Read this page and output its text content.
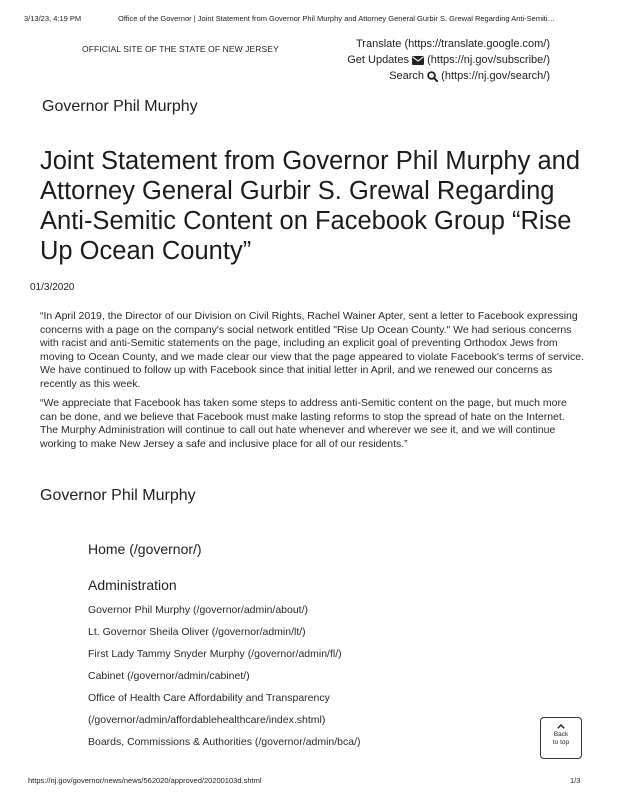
3/13/23, 4:19 PM	Office of the Governor | Joint Statement from Governor Phil Murphy and Attorney General Gurbir S. Grewal Regarding Anti-Semiti…
OFFICIAL SITE OF THE STATE OF NEW JERSEY	Translate (https://translate.google.com/)
Get Updates (https://nj.gov/subscribe/)
Search (https://nj.gov/search/)
Governor Phil Murphy
Joint Statement from Governor Phil Murphy and Attorney General Gurbir S. Grewal Regarding Anti-Semitic Content on Facebook Group “Rise Up Ocean County”
01/3/2020

“In April 2019, the Director of our Division on Civil Rights, Rachel Wainer Apter, sent a letter to Facebook expressing concerns with a page on the company's social network entitled "Rise Up Ocean County." We had serious concerns with racist and anti-Semitic statements on the page, including an explicit goal of preventing Orthodox Jews from moving to Ocean County, and we made clear our view that the page appeared to violate Facebook's terms of service. We have continued to follow up with Facebook since that initial letter in April, and we renewed our concerns as recently as this week.

“We appreciate that Facebook has taken some steps to address anti-Semitic content on the page, but much more can be done, and we believe that Facebook must make lasting reforms to stop the spread of hate on the Internet. The Murphy Administration will continue to call out hate whenever and wherever we see it, and we will continue working to make New Jersey a safe and inclusive place for all of our residents.”

Governor Phil Murphy
Home (/governor/)
Administration
Governor Phil Murphy (/governor/admin/about/)
Lt. Governor Sheila Oliver (/governor/admin/lt/)
First Lady Tammy Snyder Murphy (/governor/admin/fl/)
Cabinet (/governor/admin/cabinet/)
Office of Health Care Affordability and Transparency
(/governor/admin/affordablehealthcare/index.shtml)
Boards, Commissions & Authorities (/governor/admin/bca/)
Back
to top
https://nj.gov/governor/news/news/562020/approved/20200103d.shtml	1/3
